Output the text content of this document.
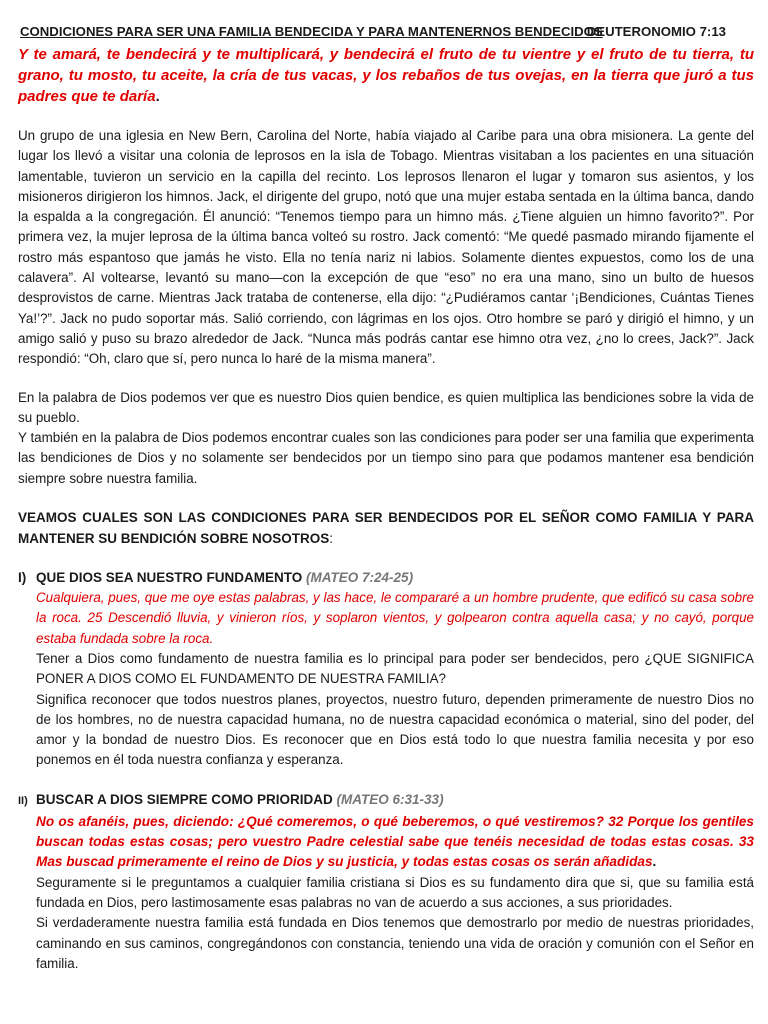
CONDICIONES PARA SER UNA FAMILIA BENDECIDA Y PARA MANTENERNOS BENDECIDOS
DEUTERONOMIO 7:13

Y te amará, te bendecirá y te multiplicará, y bendecirá el fruto de tu vientre y el fruto de tu tierra, tu grano, tu mosto, tu aceite, la cría de tus vacas, y los rebaños de tus ovejas, en la tierra que juró a tus padres que te daría.

Un grupo de una iglesia en New Bern, Carolina del Norte, había viajado al Caribe para una obra misionera. La gente del lugar los llevó a visitar una colonia de leprosos en la isla de Tobago. Mientras visitaban a los pacientes en una situación lamentable, tuvieron un servicio en la capilla del recinto. Los leprosos llenaron el lugar y tomaron sus asientos, y los misioneros dirigieron los himnos. Jack, el dirigente del grupo, notó que una mujer estaba sentada en la última banca, dando la espalda a la congregación. Él anunció: “Tenemos tiempo para un himno más. ¿Tiene alguien un himno favorito?”. Por primera vez, la mujer leprosa de la última banca volteó su rostro. Jack comentó: “Me quedé pasmado mirando fijamente el rostro más espantoso que jamás he visto. Ella no tenía nariz ni labios. Solamente dientes expuestos, como los de una calavera”. Al voltearse, levantó su mano—con la excepción de que “eso” no era una mano, sino un bulto de huesos desprovistos de carne. Mientras Jack trataba de contenerse, ella dijo: “¿Pudiéramos cantar ‘¡Bendiciones, Cuántas Tienes Ya!’?”. Jack no pudo soportar más. Salió corriendo, con lágrimas en los ojos. Otro hombre se paró y dirigió el himno, y un amigo salió y puso su brazo alrededor de Jack. “Nunca más podrás cantar ese himno otra vez, ¿no lo crees, Jack?”. Jack respondió: “Oh, claro que sí, pero nunca lo haré de la misma manera”.

En la palabra de Dios podemos ver que es nuestro Dios quien bendice, es quien multiplica las bendiciones sobre la vida de su pueblo.

Y también en la palabra de Dios podemos encontrar cuales son las condiciones para poder ser una familia que experimenta las bendiciones de Dios y no solamente ser bendecidos por un tiempo sino para que podamos mantener esa bendición siempre sobre nuestra familia.

VEAMOS CUALES SON LAS CONDICIONES PARA SER BENDECIDOS POR EL SEÑOR COMO FAMILIA Y PARA MANTENER SU BENDICIÓN SOBRE NOSOTROS:

I) QUE DIOS SEA NUESTRO FUNDAMENTO (MATEO 7:24-25)

Cualquiera, pues, que me oye estas palabras, y las hace, le compararé a un hombre prudente, que edificó su casa sobre la roca. 25 Descendió lluvia, y vinieron ríos, y soplaron vientos, y golpearon contra aquella casa; y no cayó, porque estaba fundada sobre la roca.

Tener a Dios como fundamento de nuestra familia es lo principal para poder ser bendecidos, pero ¿QUE SIGNIFICA PONER A DIOS COMO EL FUNDAMENTO DE NUESTRA FAMILIA?

Significa reconocer que todos nuestros planes, proyectos, nuestro futuro, dependen primeramente de nuestro Dios no de los hombres, no de nuestra capacidad humana, no de nuestra capacidad económica o material, sino del poder, del amor y la bondad de nuestro Dios. Es reconocer que en Dios está todo lo que nuestra familia necesita y por eso ponemos en él toda nuestra confianza y esperanza.

II) BUSCAR A DIOS SIEMPRE COMO PRIORIDAD (MATEO 6:31-33)

No os afanéis, pues, diciendo: ¿Qué comeremos, o qué beberemos, o qué vestiremos? 32 Porque los gentiles buscan todas estas cosas; pero vuestro Padre celestial sabe que tenéis necesidad de todas estas cosas. 33 Mas buscad primeramente el reino de Dios y su justicia, y todas estas cosas os serán añadidas.

Seguramente si le preguntamos a cualquier familia cristiana si Dios es su fundamento dira que si, que su familia está fundada en Dios, pero lastimosamente esas palabras no van de acuerdo a sus acciones, a sus prioridades.

Si verdaderamente nuestra familia está fundada en Dios tenemos que demostrarlo por medio de nuestras prioridades, caminando en sus caminos, congregándonos con constancia, teniendo una vida de oración y comunión con el Señor en familia.
